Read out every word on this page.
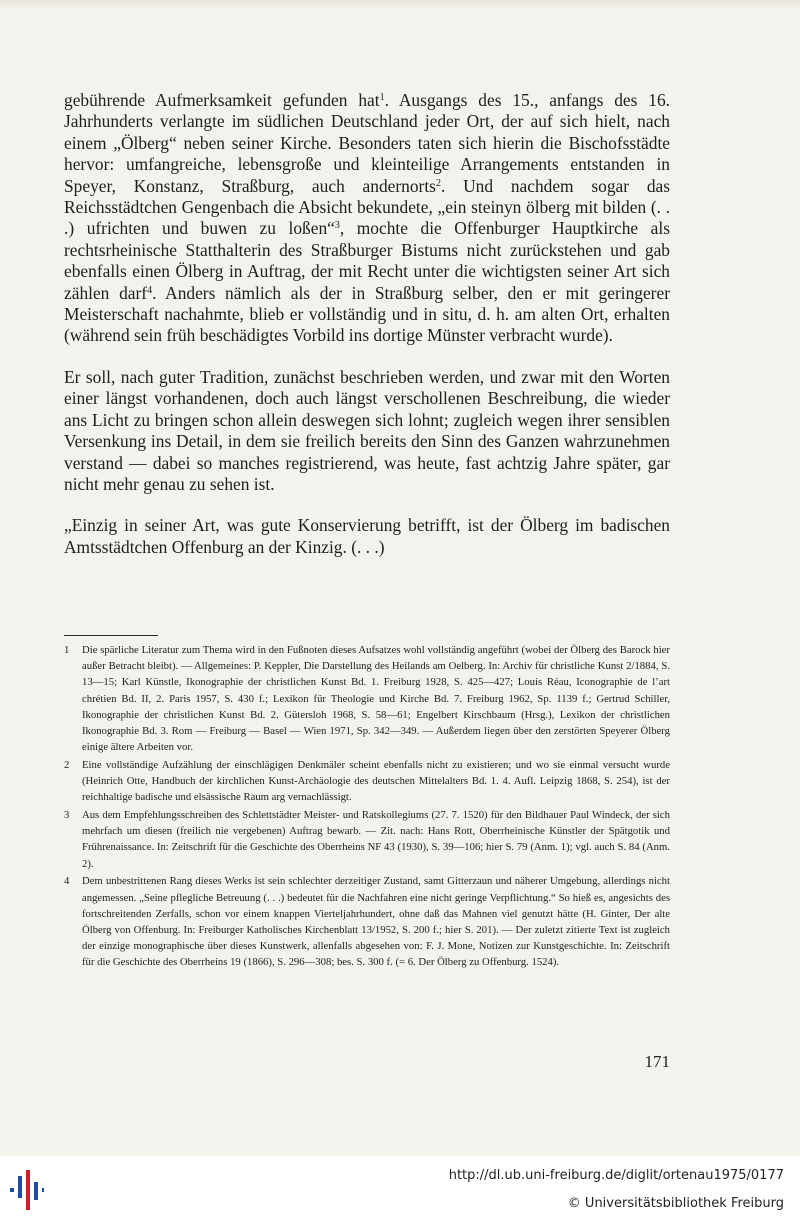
gebührende Aufmerksamkeit gefunden hat$^1$. Ausgangs des 15., anfangs des 16. Jahrhunderts verlangte im südlichen Deutschland jeder Ort, der auf sich hielt, nach einem „Ölberg“ neben seiner Kirche. Besonders taten sich hierin die Bischofsstädte hervor: umfangreiche, lebensgroße und kleinteilige Arrangements entstanden in Speyer, Konstanz, Straßburg, auch andernorts$^2$. Und nachdem sogar das Reichsstädtchen Gengenbach die Absicht bekundete, „ein steinyn ölberg mit bilden (. . .) ufrichten und buwen zu loßen“$^3$, mochte die Offenburger Hauptkirche als rechtsrheinische Statthalterin des Straßburger Bistums nicht zurückstehen und gab ebenfalls einen Ölberg in Auftrag, der mit Recht unter die wichtigsten seiner Art sich zählen darf$^4$. Anders nämlich als der in Straßburg selber, den er mit geringerer Meisterschaft nachahmte, blieb er vollständig und in situ, d. h. am alten Ort, erhalten (während sein früh beschädigtes Vorbild ins dortige Münster verbracht wurde).

Er soll, nach guter Tradition, zunächst beschrieben werden, und zwar mit den Worten einer längst vorhandenen, doch auch längst verschollenen Beschreibung, die wieder ans Licht zu bringen schon allein deswegen sich lohnt; zugleich wegen ihrer sensiblen Versenkung ins Detail, in dem sie freilich bereits den Sinn des Ganzen wahrzunehmen verstand — dabei so manches registrierend, was heute, fast achtzig Jahre später, gar nicht mehr genau zu sehen ist.

„Einzig in seiner Art, was gute Konservierung betrifft, ist der Ölberg im badischen Amtsstädtchen Offenburg an der Kinzig. (. . .)

1	Die spärliche Literatur zum Thema wird in den Fußnoten dieses Aufsatzes wohl vollständig angeführt (wobei der Ölberg des Barock hier außer Betracht bleibt). — Allgemeines: P. Keppler, Die Darstellung des Heilands am Oelberg. In: Archiv für christliche Kunst 2/1884, S. 13—15; Karl Künstle, Ikonographie der christlichen Kunst Bd. 1. Freiburg 1928, S. 425—427; Louis Réau, Iconographie de l’art chrétien Bd. II, 2. Paris 1957, S. 430 f.; Lexikon für Theologie und Kirche Bd. 7. Freiburg 1962, Sp. 1139 f.; Gertrud Schiller, Ikonographie der christlichen Kunst Bd. 2. Gütersloh 1968, S. 58—61; Engelbert Kirschbaum (Hrsg.), Lexikon der christlichen Ikonographie Bd. 3. Rom — Freiburg — Basel — Wien 1971, Sp. 342—349. — Außerdem liegen über den zerstörten Speyerer Ölberg einige ältere Arbeiten vor.
2	Eine vollständige Aufzählung der einschlägigen Denkmäler scheint ebenfalls nicht zu existieren; und wo sie einmal versucht wurde (Heinrich Otte, Handbuch der kirchlichen Kunst-Archäologie des deutschen Mittelalters Bd. 1. 4. Aufl. Leipzig 1868, S. 254), ist der reichhaltige badische und elsässische Raum arg vernachlässigt.
3	Aus dem Empfehlungsschreiben des Schlettstädter Meister- und Ratskollegiums (27. 7. 1520) für den Bildhauer Paul Windeck, der sich mehrfach um diesen (freilich nie vergebenen) Auftrag bewarb. — Zit. nach: Hans Rott, Oberrheinische Künstler der Spätgotik und Frührenaissance. In: Zeitschrift für die Geschichte des Oberrheins NF 43 (1930), S. 39—106; hier S. 79 (Anm. 1); vgl. auch S. 84 (Anm. 2).
4	Dem unbestrittenen Rang dieses Werks ist sein schlechter derzeitiger Zustand, samt Gitterzaun und näherer Umgebung, allerdings nicht angemessen. „Seine pflegliche Betreuung (. . .) bedeutet für die Nachfahren eine nicht geringe Verpflichtung.“ So hieß es, angesichts des fortschreitenden Zerfalls, schon vor einem knappen Vierteljahrhundert, ohne daß das Mahnen viel genutzt hätte (H. Ginter, Der alte Ölberg von Offenburg. In: Freiburger Katholisches Kirchenblatt 13/1952, S. 200 f.; hier S. 201). — Der zuletzt zitierte Text ist zugleich der einzige monographische über dieses Kunstwerk, allenfalls abgesehen von: F. J. Mone, Notizen zur Kunstgeschichte. In: Zeitschrift für die Geschichte des Oberrheins 19 (1866), S. 296—308; bes. S. 300 f. (= 6. Der Ölberg zu Offenburg. 1524).
171
http://dl.ub.uni-freiburg.de/diglit/ortenau1975/0177
© Universitätsbibliothek Freiburg
